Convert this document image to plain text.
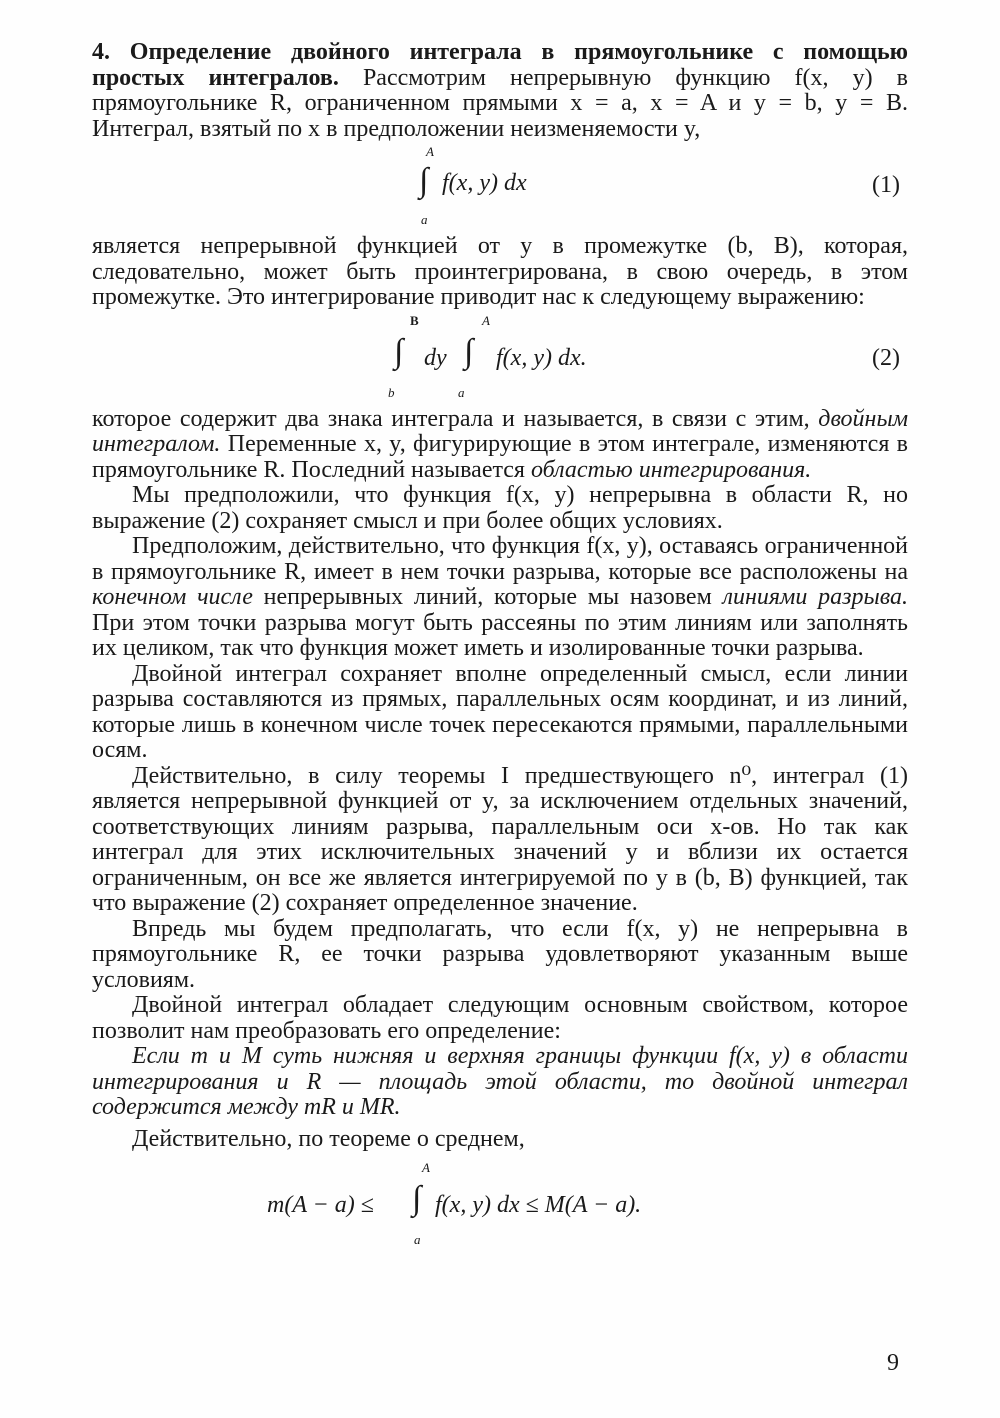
4. Определение двойного интеграла в прямоугольнике с помощью простых интегралов. Рассмотрим непрерывную функцию f(x, y) в прямоугольнике R, ограниченном прямыми x = a, x = A и y = b, y = B. Интеграл, взятый по x в предположении неизменяемости y,

A
∫
a
f(x, y) dx	(1)

является непрерывной функцией от y в промежутке (b, B), которая, следовательно, может быть проинтегрирована, в свою очередь, в этом промежутке. Это интегрирование приводит нас к следующему выражению:

B
∫
b
dy
A
∫
a
f(x, y) dx.	(2)

которое содержит два знака интеграла и называется, в связи с этим, двойным интегралом. Переменные x, y, фигурирующие в этом интеграле, изменяются в прямоугольнике R. Последний называется областью интегрирования.

Мы предположили, что функция f(x, y) непрерывна в области R, но выражение (2) сохраняет смысл и при более общих условиях.

Предположим, действительно, что функция f(x, y), оставаясь ограниченной в прямоугольнике R, имеет в нем точки разрыва, которые все расположены на конечном числе непрерывных линий, которые мы назовем линиями разрыва. При этом точки разрыва могут быть рассеяны по этим линиям или заполнять их целиком, так что функция может иметь и изолированные точки разрыва.

Двойной интеграл сохраняет вполне определенный смысл, если линии разрыва составляются из прямых, параллельных осям координат, и из линий, которые лишь в конечном числе точек пересекаются прямыми, параллельными осям.

Действительно, в силу теоремы I предшествующего n⁰, интеграл (1) является непрерывной функцией от y, за исключением отдельных значений, соответствующих линиям разрыва, параллельным оси x-ов. Но так как интеграл для этих исключительных значений y и вблизи их остается ограниченным, он все же является интегрируемой по y в (b, B) функцией, так что выражение (2) сохраняет определенное значение.

Впредь мы будем предполагать, что если f(x, y) не непрерывна в прямоугольнике R, ее точки разрыва удовлетворяют указанным выше условиям.

Двойной интеграл обладает следующим основным свойством, которое позволит нам преобразовать его определение:

Если m и M суть нижняя и верхняя границы функции f(x, y) в области интегрирования и R — площадь этой области, то двойной интеграл содержится между mR и MR.

Действительно, по теореме о среднем,

m(A − a) ≤
A
∫
a
f(x, y) dx ≤ M(A − a).
9
